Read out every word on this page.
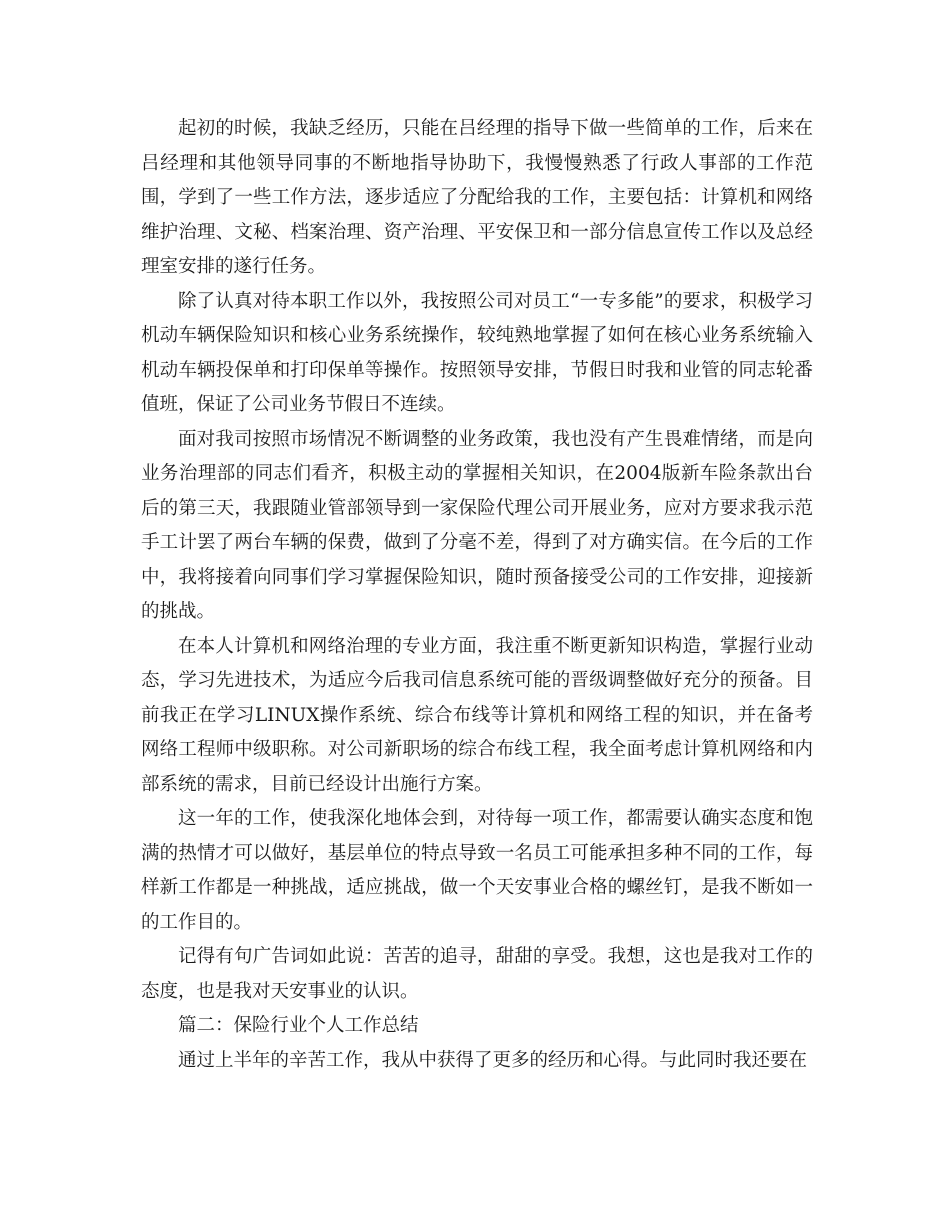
起初的时候，我缺乏经历，只能在吕经理的指导下做一些简单的工作，后来在吕经理和其他领导同事的不断地指导协助下，我慢慢熟悉了行政人事部的工作范围，学到了一些工作方法，逐步适应了分配给我的工作，主要包括：计算机和网络维护治理、文秘、档案治理、资产治理、平安保卫和一部分信息宣传工作以及总经理室安排的遂行任务。

除了认真对待本职工作以外，我按照公司对员工“一专多能”的要求，积极学习机动车辆保险知识和核心业务系统操作，较纯熟地掌握了如何在核心业务系统输入机动车辆投保单和打印保单等操作。按照领导安排，节假日时我和业管的同志轮番值班，保证了公司业务节假日不连续。

面对我司按照市场情况不断调整的业务政策，我也没有产生畏难情绪，而是向业务治理部的同志们看齐，积极主动的掌握相关知识，在2004版新车险条款出台后的第三天，我跟随业管部领导到一家保险代理公司开展业务，应对方要求我示范手工计罢了两台车辆的保费，做到了分毫不差，得到了对方确实信。在今后的工作中，我将接着向同事们学习掌握保险知识，随时预备接受公司的工作安排，迎接新的挑战。

在本人计算机和网络治理的专业方面，我注重不断更新知识构造，掌握行业动态，学习先进技术，为适应今后我司信息系统可能的晋级调整做好充分的预备。目前我正在学习LINUX操作系统、综合布线等计算机和网络工程的知识，并在备考网络工程师中级职称。对公司新职场的综合布线工程，我全面考虑计算机网络和内部系统的需求，目前已经设计出施行方案。

这一年的工作，使我深化地体会到，对待每一项工作，都需要认确实态度和饱满的热情才可以做好，基层单位的特点导致一名员工可能承担多种不同的工作，每样新工作都是一种挑战，适应挑战，做一个天安事业合格的螺丝钉，是我不断如一的工作目的。

记得有句广告词如此说：苦苦的追寻，甜甜的享受。我想，这也是我对工作的态度，也是我对天安事业的认识。

篇二：保险行业个人工作总结

通过上半年的辛苦工作，我从中获得了更多的经历和心得。与此同时我还要在
